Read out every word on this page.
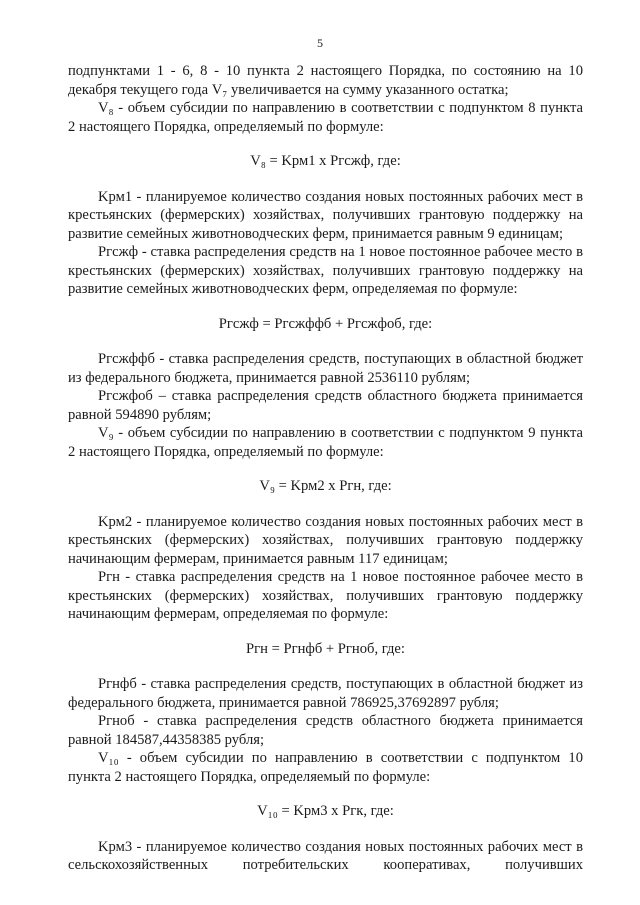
5

подпунктами 1 - 6, 8 - 10 пункта 2 настоящего Порядка, по состоянию на 10 декабря текущего года V₇ увеличивается на сумму указанного остатка;

V₈ - объем субсидии по направлению в соответствии с подпунктом 8 пункта 2 настоящего Порядка, определяемый по формуле:

V₈ = Kрм1 x Pгсжф, где:

Kрм1 - планируемое количество создания новых постоянных рабочих мест в крестьянских (фермерских) хозяйствах, получивших грантовую поддержку на развитие семейных животноводческих ферм, принимается равным 9 единицам;

Pгсжф - ставка распределения средств на 1 новое постоянное рабочее место в крестьянских (фермерских) хозяйствах, получивших грантовую поддержку на развитие семейных животноводческих ферм, определяемая по формуле:

Pгсжф = Pгсжффб + Pгсжфоб, где:

Pгсжффб - ставка распределения средств, поступающих в областной бюджет из федерального бюджета, принимается равной 2536110 рублям;

Pгсжфоб – ставка распределения средств областного бюджета принимается равной 594890 рублям;

V₉ - объем субсидии по направлению в соответствии с подпунктом 9 пункта 2 настоящего Порядка, определяемый по формуле:

V₉ = Kрм2 x Pгн, где:

Kрм2 - планируемое количество создания новых постоянных рабочих мест в крестьянских (фермерских) хозяйствах, получивших грантовую поддержку начинающим фермерам, принимается равным 117 единицам;

Pгн - ставка распределения средств на 1 новое постоянное рабочее место в крестьянских (фермерских) хозяйствах, получивших грантовую поддержку начинающим фермерам, определяемая по формуле:

Pгн = Pгнфб + Pгноб, где:

Pгнфб - ставка распределения средств, поступающих в областной бюджет из федерального бюджета, принимается равной 786925,37692897 рубля;

Pгноб - ставка распределения средств областного бюджета принимается равной 184587,44358385 рубля;

V₁₀ - объем субсидии по направлению в соответствии с подпунктом 10 пункта 2 настоящего Порядка, определяемый по формуле:

V₁₀ = Kрм3 x Pгк, где:

Kрм3 - планируемое количество создания новых постоянных рабочих мест в сельскохозяйственных потребительских кооперативах, получивших
